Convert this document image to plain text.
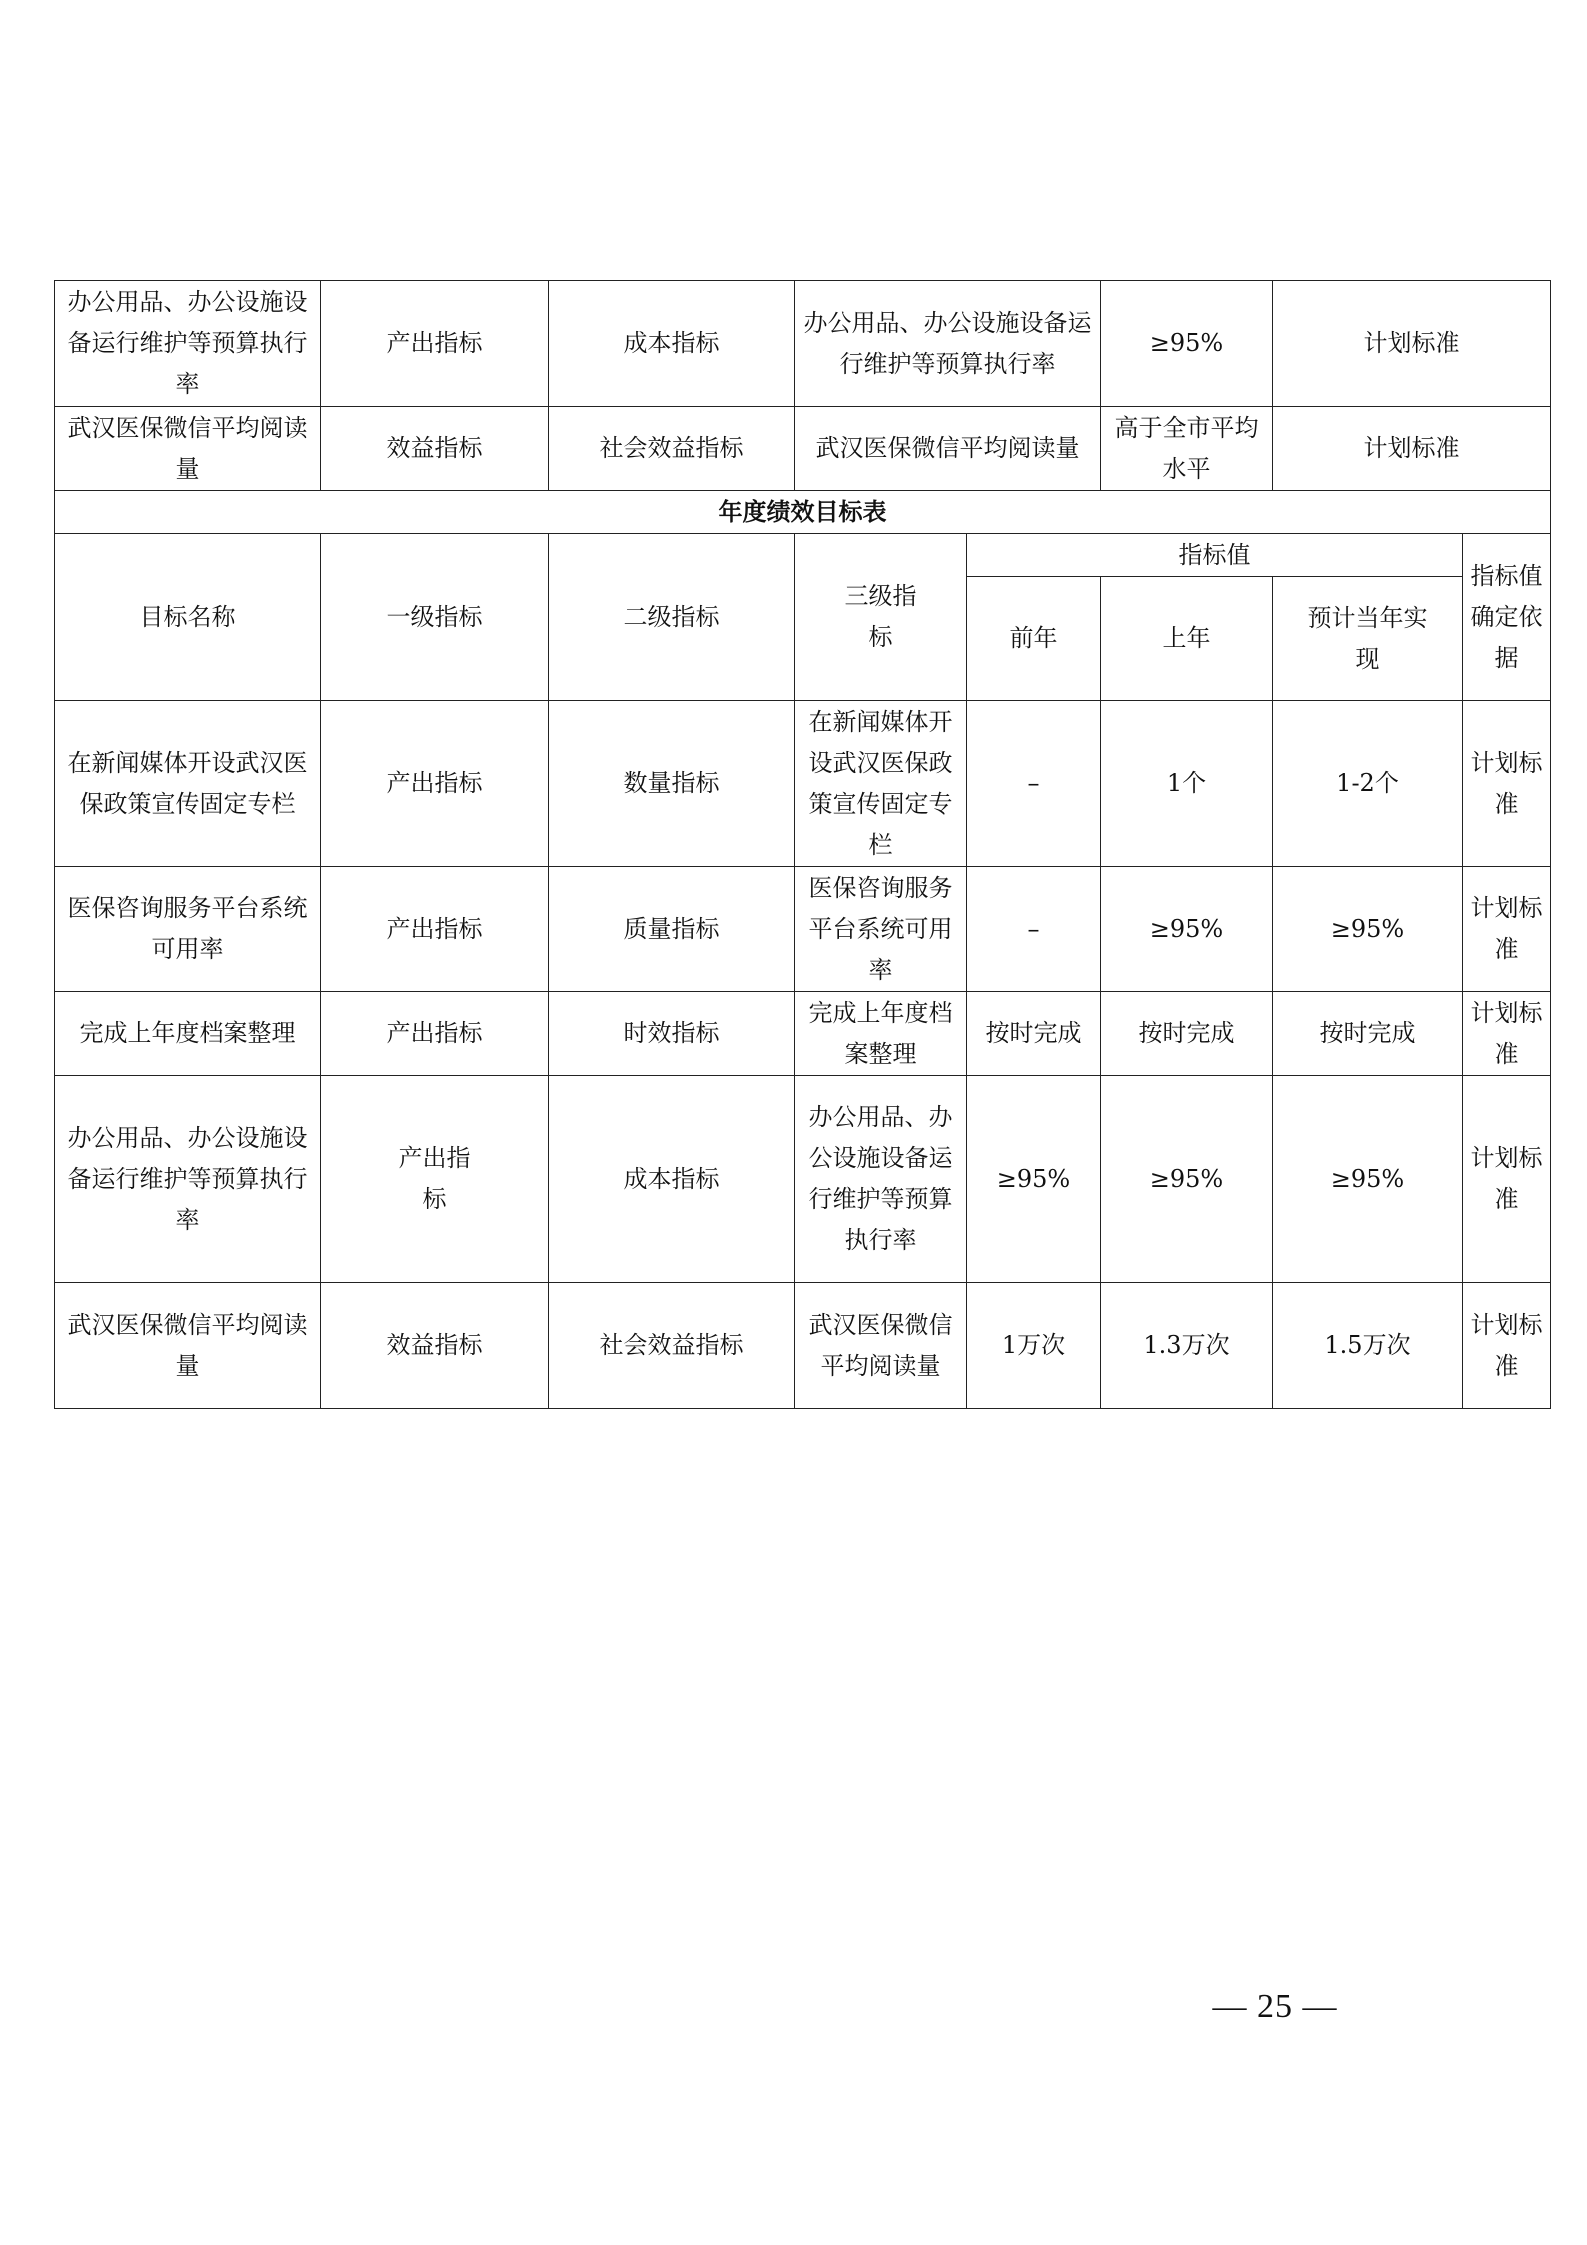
办公用品、办公设施设备运行维护等预算执行率	产出指标	成本指标	办公用品、办公设施设备运行维护等预算执行率		≥95%	计划标准	
武汉医保微信平均阅读量	效益指标	社会效益指标	武汉医保微信平均阅读量		高于全市平均水平	计划标准	
年度绩效目标表							
目标名称	一级指标	二级指标	三级指标	指标值			指标值确定依据
				前年	上年	预计当年实现	
在新闻媒体开设武汉医保政策宣传固定专栏	产出指标	数量指标	在新闻媒体开设武汉医保政策宣传固定专栏	–	1个	1-2个	计划标准
医保咨询服务平台系统可用率	产出指标	质量指标	医保咨询服务平台系统可用率	–	≥95%	≥95%	计划标准
完成上年度档案整理	产出指标	时效指标	完成上年度档案整理	按时完成	按时完成	按时完成	计划标准
办公用品、办公设施设备运行维护等预算执行率	产出指标	成本指标	办公用品、办公设施设备运行维护等预算执行率	≥95%	≥95%	≥95%	计划标准
武汉医保微信平均阅读量	效益指标	社会效益指标	武汉医保微信平均阅读量	1万次	1.3万次	1.5万次	计划标准
— 25 —
